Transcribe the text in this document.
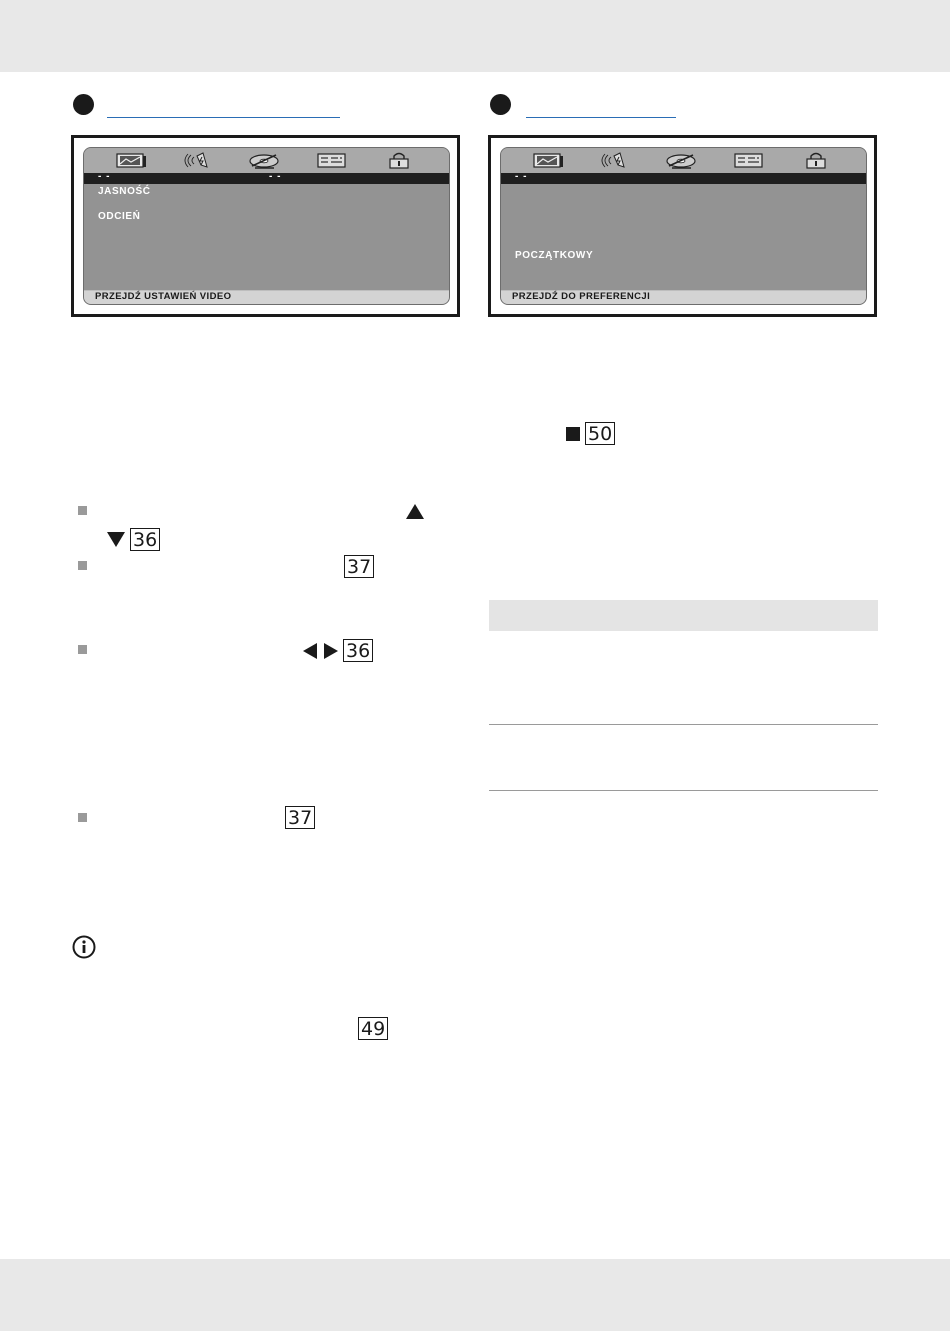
- -	- -
JASNOŚĆ
ODCIEŃ
PRZEJDŹ USTAWIEŃ VIDEO
- -
POCZĄTKOWY
PRZEJDŹ DO PREFERENCJI
50
36
37
36
37
49
